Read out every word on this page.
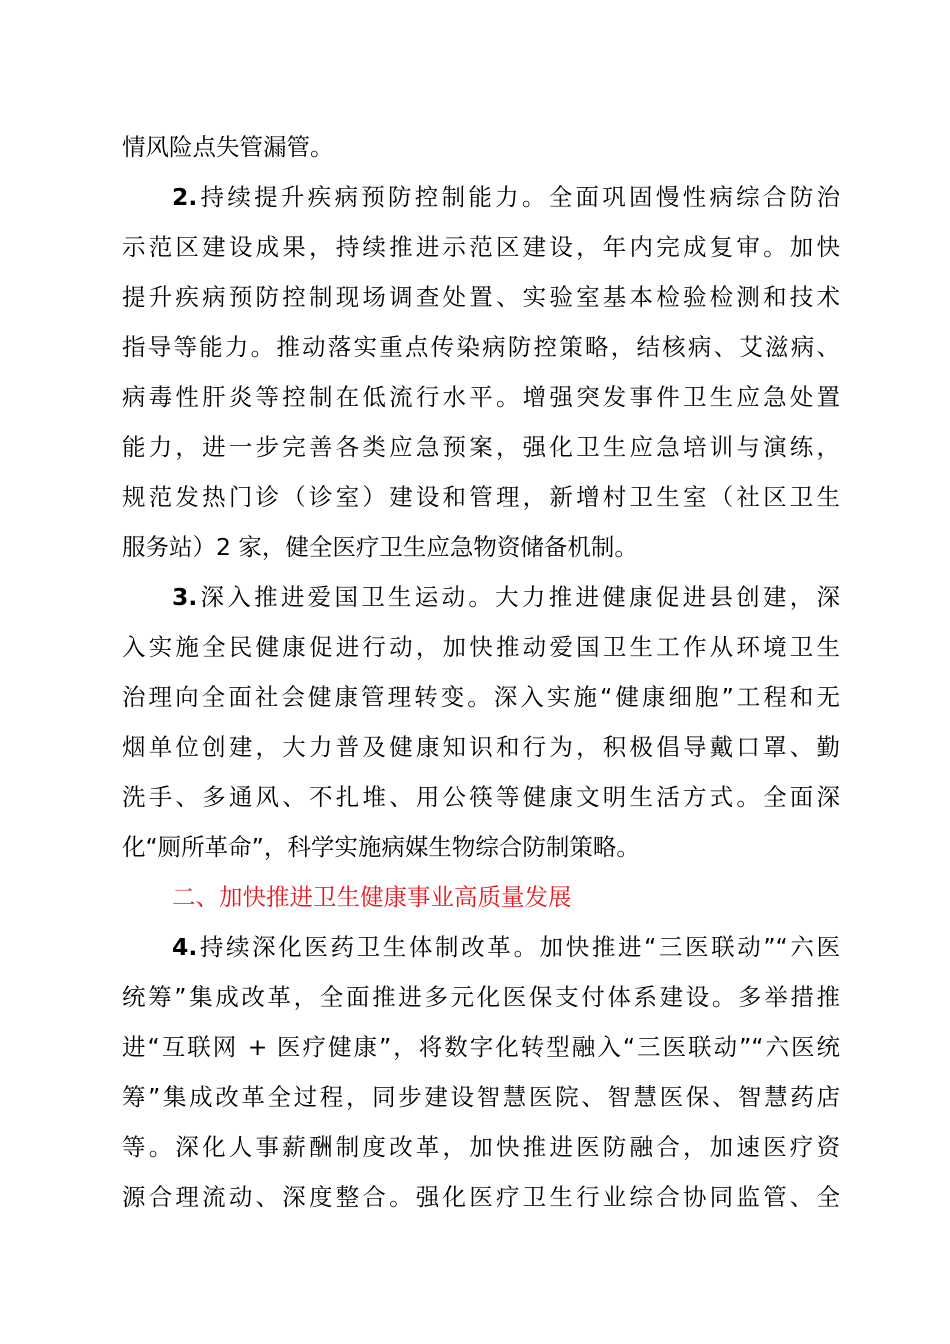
情风险点失管漏管。
2.持续提升疾病预防控制能力。全面巩固慢性病综合防治
示范区建设成果，持续推进示范区建设，年内完成复审。加快
提升疾病预防控制现场调查处置、实验室基本检验检测和技术
指导等能力。推动落实重点传染病防控策略，结核病、艾滋病、
病毒性肝炎等控制在低流行水平。增强突发事件卫生应急处置
能力，进一步完善各类应急预案，强化卫生应急培训与演练，
规范发热门诊（诊室）建设和管理，新增村卫生室（社区卫生
服务站）2 家，健全医疗卫生应急物资储备机制。
3.深入推进爱国卫生运动。大力推进健康促进县创建，深
入实施全民健康促进行动，加快推动爱国卫生工作从环境卫生
治理向全面社会健康管理转变。深入实施“健康细胞”工程和无
烟单位创建，大力普及健康知识和行为，积极倡导戴口罩、勤
洗手、多通风、不扎堆、用公筷等健康文明生活方式。全面深
化“厕所革命”，科学实施病媒生物综合防制策略。
二、加快推进卫生健康事业高质量发展
4.持续深化医药卫生体制改革。加快推进“三医联动”“六医
统筹”集成改革，全面推进多元化医保支付体系建设。多举措推
进“互联网 + 医疗健康”，将数字化转型融入“三医联动”“六医统
筹”集成改革全过程，同步建设智慧医院、智慧医保、智慧药店
等。深化人事薪酬制度改革，加快推进医防融合，加速医疗资
源合理流动、深度整合。强化医疗卫生行业综合协同监管、全
